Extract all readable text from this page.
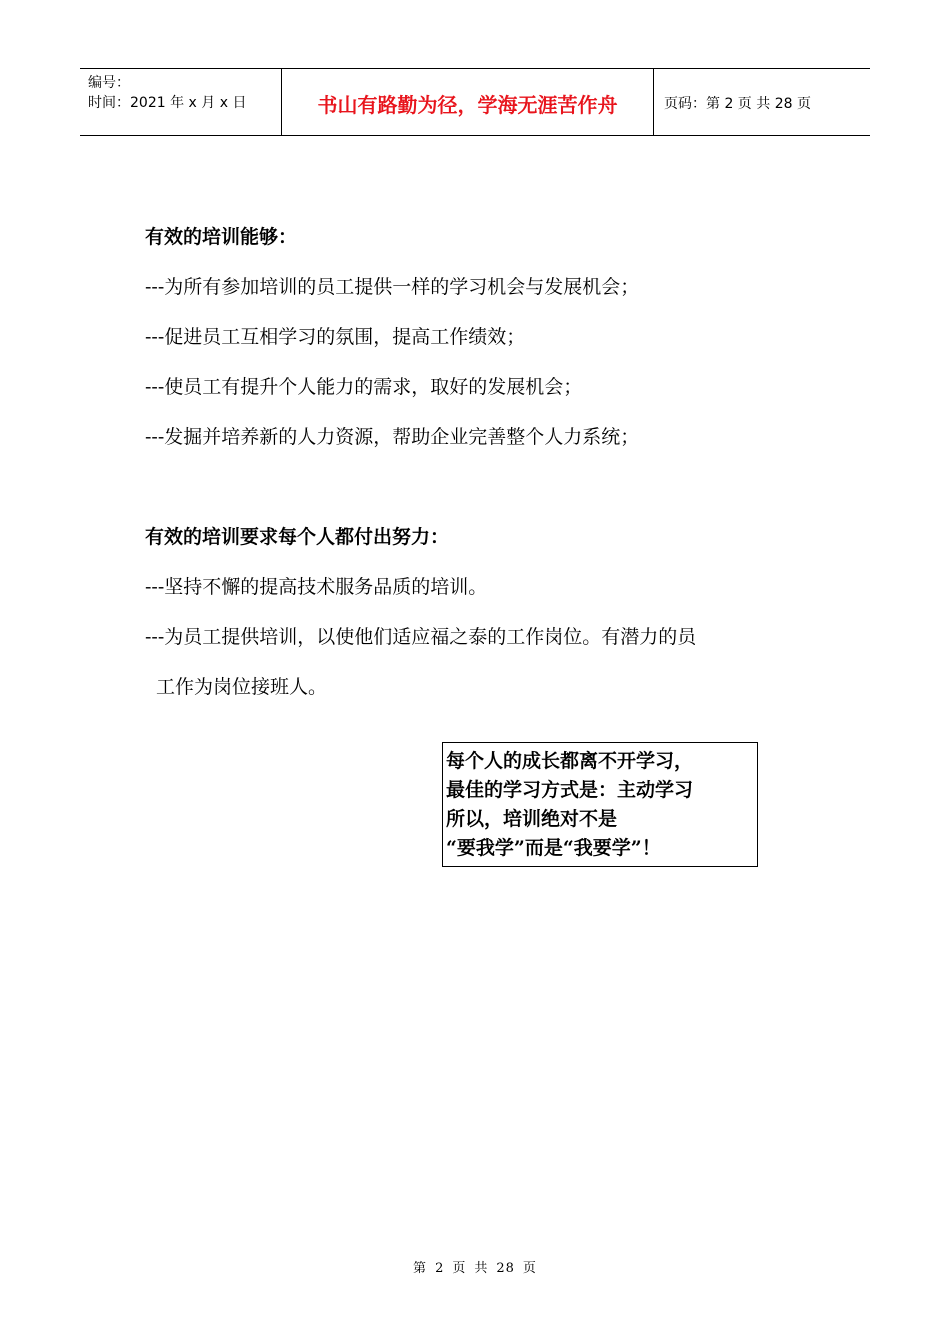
编号：
时间：2021 年 x 月 x 日	书山有路勤为径，学海无涯苦作舟	页码：第 2 页 共 28 页
有效的培训能够：
---为所有参加培训的员工提供一样的学习机会与发展机会；
---促进员工互相学习的氛围，提高工作绩效；
---使员工有提升个人能力的需求，取好的发展机会；
---发掘并培养新的人力资源，帮助企业完善整个人力系统；
有效的培训要求每个人都付出努力：
---坚持不懈的提高技术服务品质的培训。
---为员工提供培训，以使他们适应福之泰的工作岗位。有潜力的员
工作为岗位接班人。
每个人的成长都离不开学习，
最佳的学习方式是：主动学习
所以，培训绝对不是
“要我学”而是“我要学”！
第 2 页 共 28 页
